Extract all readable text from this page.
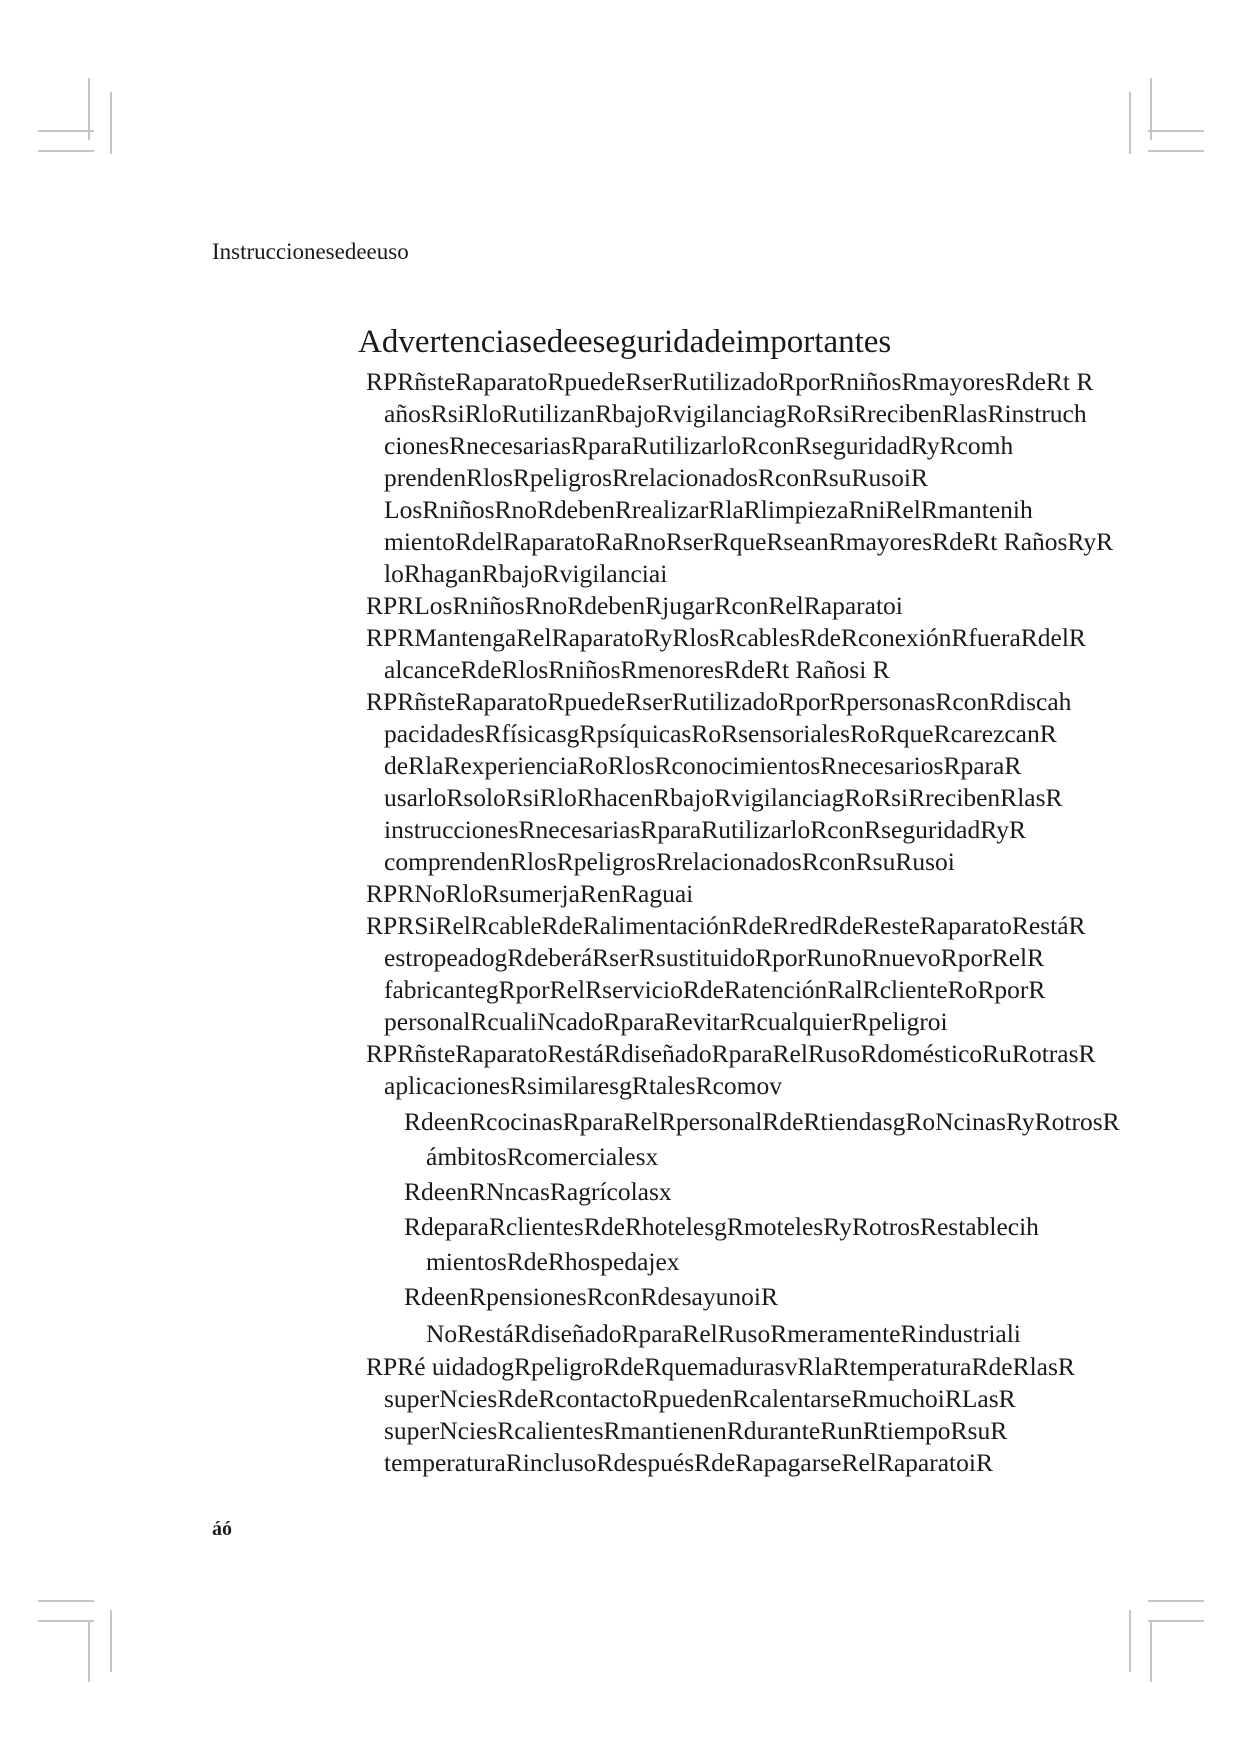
Instruccionesedeeuso
Advertenciasedeeseguridadeimportantes
RPRñsteRaparatoRpuedeRserRutilizadoRporRniñosRmayoresRdeRt R
añosRsiRloRutilizanRbajoRvigilanciagRoRsiRrecibenRlasRinstruch
cionesRnecesariasRparaRutilizarloRconRseguridadRyRcomh
prendenRlosRpeligrosRrelacionadosRconRsuRusoiR
LosRniñosRnoRdebenRrealizarRlaRlimpiezaRniRelRmantenih
mientoRdelRaparatoRaRnoRserRqueRseanRmayoresRdeRt RañosRyR
loRhaganRbajoRvigilanciai
RPRLosRniñosRnoRdebenRjugarRconRelRaparatoi
RPRMantengaRelRaparatoRyRlosRcablesRdeRconexiónRfueraRdelR
alcanceRdeRlosRniñosRmenoresRdeRt Rañosi R
RPRñsteRaparatoRpuedeRserRutilizadoRporRpersonasRconRdiscah
pacidadesRfísicasgRpsíquicasRoRsensorialesRoRqueRcarezcanR
deRlaRexperienciaRoRlosRconocimientosRnecesariosRparaR
usarloRsoloRsiRloRhacenRbajoRvigilanciagRoRsiRrecibenRlasR
instruccionesRnecesariasRparaRutilizarloRconRseguridadRyR
comprendenRlosRpeligrosRrelacionadosRconRsuRusoi
RPRNoRloRsumerjaRenRaguai
RPRSiRelRcableRdeRalimentaciónRdeRredRdeResteRaparatoRestáR
estropeadogRdeberáRserRsustituidoRporRunoRnuevoRporRelR
fabricantegRporRelRservicioRdeRatenciónRalRclienteRoRporR
personalRcualiNcadoRparaRevitarRcualquierRpeligroi
RPRñsteRaparatoRestáRdiseñadoRparaRelRusoRdomésticoRuRotrasR
aplicacionesRsimilaresgRtalesRcomov
RdeenRcocinasRparaRelRpersonalRdeRtiendasgRoNcinasRyRotrosR
ámbitosRcomercialesx
RdeenRNncasRagrícolasx
RdeparaRclientesRdeRhotelesgRmotelesRyRotrosRestablecih
mientosRdeRhospedajex
RdeenRpensionesRconRdesayunoiR
NoRestáRdiseñadoRparaRelRusoRmeramenteRindustriali
RPRé uidadogRpeligroRdeRquemadurasvRlaRtemperaturaRdeRlasR
superNciesRdeRcontactoRpuedenRcalentarseRmuchoiRLasR
superNciesRcalientesRmantienenRduranteRunRtiempoRsuR
temperaturaRinclusoRdespuésRdeRapagarseRelRaparatoiR
áó
